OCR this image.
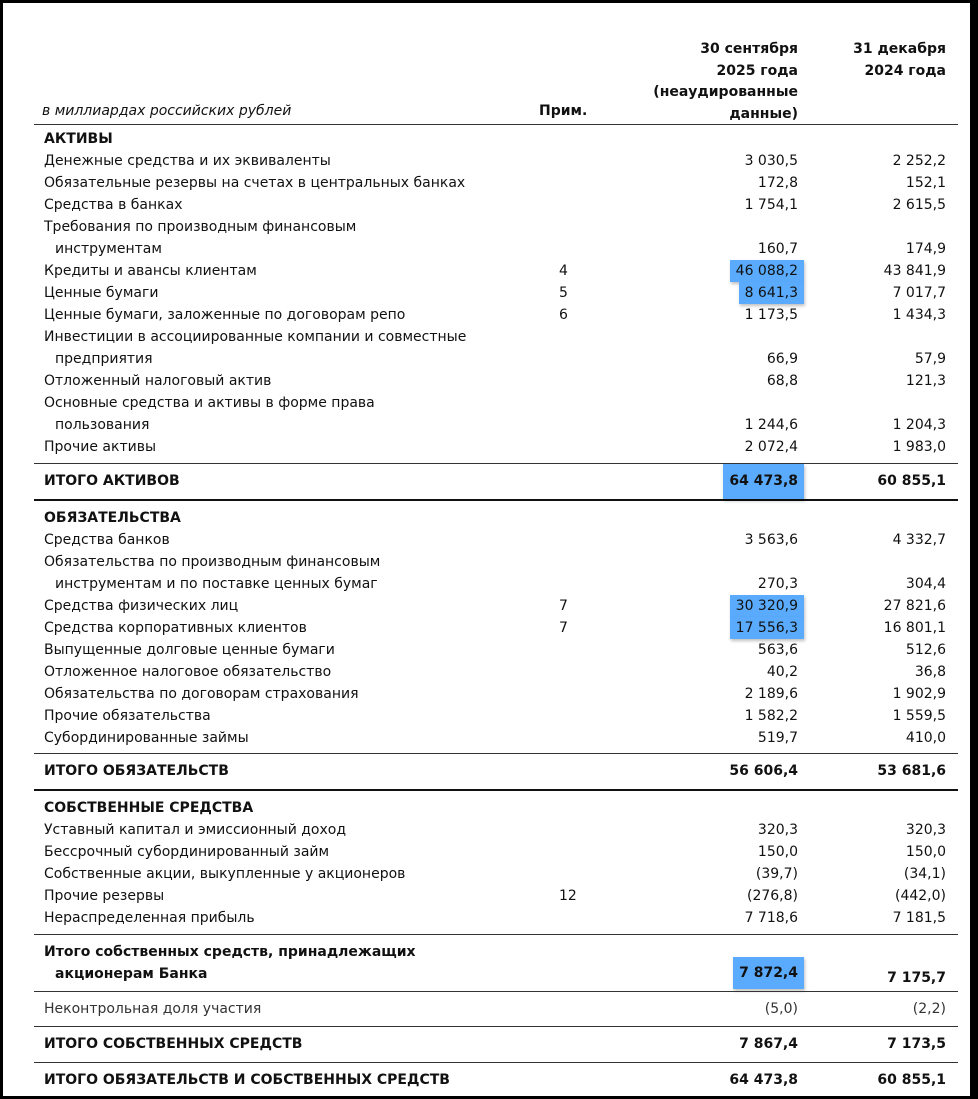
в миллиардах российских рублей	Прим.
30 сентября
2025 года
(неаудированные
данные)
31 декабря
2024 года
АКТИВЫ
Денежные средства и их эквиваленты	3 030,5	2 252,2
Обязательные резервы на счетах в центральных банках	172,8	152,1
Средства в банках	1 754,1	2 615,5
Требования по производным финансовым
инструментам	160,7	174,9
Кредиты и авансы клиентам	4	46 088,2	43 841,9
Ценные бумаги	5	8 641,3	7 017,7
Ценные бумаги, заложенные по договорам репо	6	1 173,5	1 434,3
Инвестиции в ассоциированные компании и совместные
предприятия	66,9	57,9
Отложенный налоговый актив	68,8	121,3
Основные средства и активы в форме права
пользования	1 244,6	1 204,3
Прочие активы	2 072,4	1 983,0
ИТОГО АКТИВОВ	64 473,8	60 855,1
ОБЯЗАТЕЛЬСТВА
Средства банков	3 563,6	4 332,7
Обязательства по производным финансовым
инструментам и по поставке ценных бумаг	270,3	304,4
Средства физических лиц	7	30 320,9	27 821,6
Средства корпоративных клиентов	7	17 556,3	16 801,1
Выпущенные долговые ценные бумаги	563,6	512,6
Отложенное налоговое обязательство	40,2	36,8
Обязательства по договорам страхования	2 189,6	1 902,9
Прочие обязательства	1 582,2	1 559,5
Субординированные займы	519,7	410,0
ИТОГО ОБЯЗАТЕЛЬСТВ	56 606,4	53 681,6
СОБСТВЕННЫЕ СРЕДСТВА
Уставный капитал и эмиссионный доход	320,3	320,3
Бессрочный субординированный займ	150,0	150,0
Собственные акции, выкупленные у акционеров	(39,7)	(34,1)
Прочие резервы	12	(276,8)	(442,0)
Нераспределенная прибыль	7 718,6	7 181,5
Итого собственных средств, принадлежащих
акционерам Банка	7 872,4	7 175,7
Неконтрольная доля участия	(5,0)	(2,2)
ИТОГО СОБСТВЕННЫХ СРЕДСТВ	7 867,4	7 173,5
ИТОГО ОБЯЗАТЕЛЬСТВ И СОБСТВЕННЫХ СРЕДСТВ	64 473,8	60 855,1
